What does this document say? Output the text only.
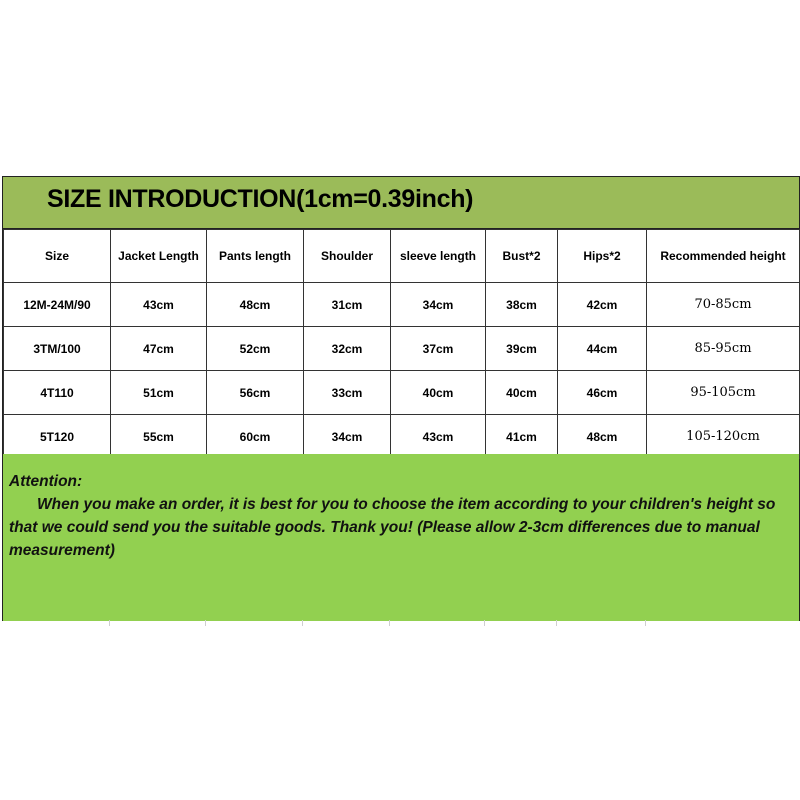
SIZE INTRODUCTION(1cm=0.39inch)
Size	Jacket Length	Pants length	Shoulder	sleeve length	Bust*2	Hips*2	Recommended height
12M-24M/90	43cm	48cm	31cm	34cm	38cm	42cm	70-85cm
3TM/100	47cm	52cm	32cm	37cm	39cm	44cm	85-95cm
4T110	51cm	56cm	33cm	40cm	40cm	46cm	95-105cm
5T120	55cm	60cm	34cm	43cm	41cm	48cm	105-120cm
Attention:
When you make an order, it is best for you to choose the item according to your children's height so that we could send you the suitable goods. Thank you! (Please allow 2-3cm differences due to manual measurement)
